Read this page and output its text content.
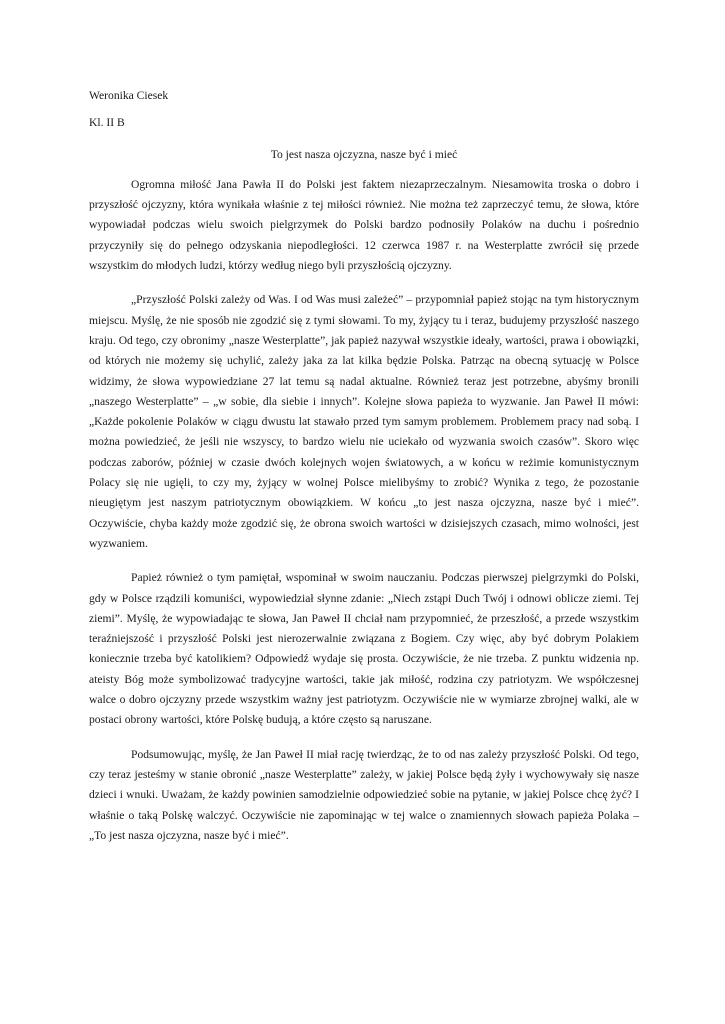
Weronika Ciesek

Kl. II B

To jest nasza ojczyzna, nasze być i mieć

Ogromna miłość Jana Pawła II do Polski jest faktem niezaprzeczalnym. Niesamowita troska o dobro i przyszłość ojczyzny, która wynikała właśnie z tej miłości również. Nie można też zaprzeczyć temu, że słowa, które wypowiadał podczas wielu swoich pielgrzymek do Polski bardzo podnosiły Polaków na duchu i pośrednio przyczyniły się do pełnego odzyskania niepodległości. 12 czerwca 1987 r. na Westerplatte zwrócił się przede wszystkim do młodych ludzi, którzy według niego byli przyszłością ojczyzny.

„Przyszłość Polski zależy od Was. I od Was musi zależeć” – przypomniał papież stojąc na tym historycznym miejscu. Myślę, że nie sposób nie zgodzić się z tymi słowami. To my, żyjący tu i teraz, budujemy przyszłość naszego kraju. Od tego, czy obronimy „nasze Westerplatte”, jak papież nazywał wszystkie ideały, wartości, prawa i obowiązki, od których nie możemy się uchylić, zależy jaka za lat kilka będzie Polska. Patrząc na obecną sytuację w Polsce widzimy, że słowa wypowiedziane 27 lat temu są nadal aktualne. Również teraz jest potrzebne, abyśmy bronili „naszego Westerplatte” – „w sobie, dla siebie i innych”. Kolejne słowa papieża to wyzwanie. Jan Paweł II mówi: „Każde pokolenie Polaków w ciągu dwustu lat stawało przed tym samym problemem. Problemem pracy nad sobą. I można powiedzieć, że jeśli nie wszyscy, to bardzo wielu nie uciekało od wyzwania swoich czasów”. Skoro więc podczas zaborów, później w czasie dwóch kolejnych wojen światowych, a w końcu w reżimie komunistycznym Polacy się nie ugięli, to czy my, żyjący w wolnej Polsce mielibyśmy to zrobić? Wynika z tego, że pozostanie nieugiętym jest naszym patriotycznym obowiązkiem. W końcu „to jest nasza ojczyzna, nasze być i mieć”. Oczywiście, chyba każdy może zgodzić się, że obrona swoich wartości w dzisiejszych czasach, mimo wolności, jest wyzwaniem.

Papież również o tym pamiętał, wspominał w swoim nauczaniu. Podczas pierwszej pielgrzymki do Polski, gdy w Polsce rządzili komuniści, wypowiedział słynne zdanie: „Niech zstąpi Duch Twój i odnowi oblicze ziemi. Tej ziemi”. Myślę, że wypowiadając te słowa, Jan Paweł II chciał nam przypomnieć, że przeszłość, a przede wszystkim teraźniejszość i przyszłość Polski jest nierozerwalnie związana z Bogiem. Czy więc, aby być dobrym Polakiem koniecznie trzeba być katolikiem? Odpowiedź wydaje się prosta. Oczywiście, że nie trzeba. Z punktu widzenia np. ateisty Bóg może symbolizować tradycyjne wartości, takie jak miłość, rodzina czy patriotyzm. We współczesnej walce o dobro ojczyzny przede wszystkim ważny jest patriotyzm. Oczywiście nie w wymiarze zbrojnej walki, ale w postaci obrony wartości, które Polskę budują, a które często są naruszane.

Podsumowując, myślę, że Jan Paweł II miał rację twierdząc, że to od nas zależy przyszłość Polski. Od tego, czy teraz jesteśmy w stanie obronić „nasze Westerplatte” zależy, w jakiej Polsce będą żyły i wychowywały się nasze dzieci i wnuki. Uważam, że każdy powinien samodzielnie odpowiedzieć sobie na pytanie, w jakiej Polsce chcę żyć? I właśnie o taką Polskę walczyć. Oczywiście nie zapominając w tej walce o znamiennych słowach papieża Polaka – „To jest nasza ojczyzna, nasze być i mieć”.
